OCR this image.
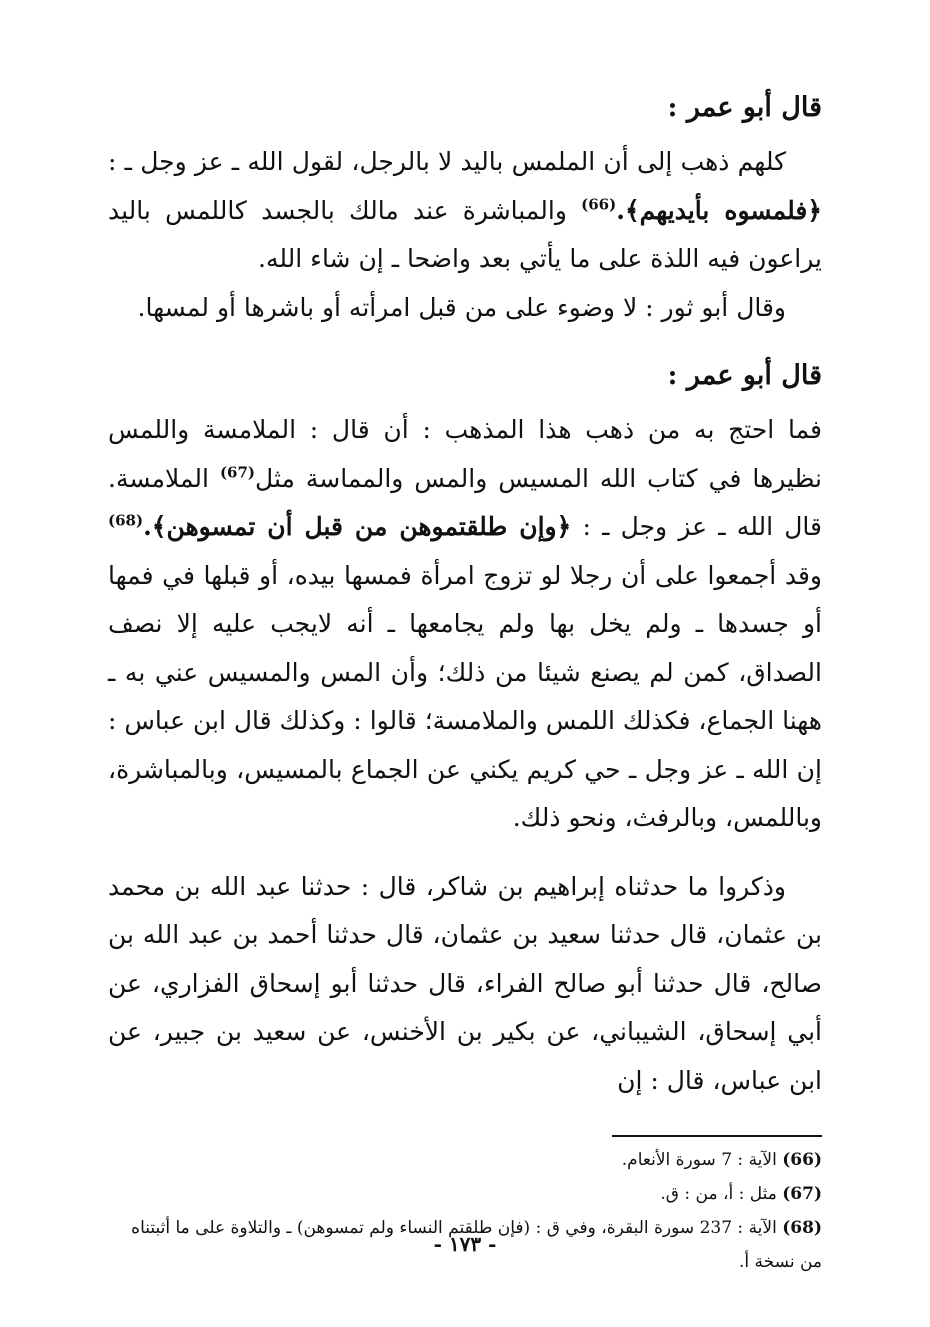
قال أبو عمر :

كلهم ذهب إلى أن الملمس باليد لا بالرجل، لقول الله ـ عز وجل ـ : ﴿فلمسوه بأيديهم﴾.$^{(66)}$ والمباشرة عند مالك بالجسد كاللمس باليد يراعون فيه اللذة على ما يأتي بعد واضحا ـ إن شاء الله.

وقال أبو ثور : لا وضوء على من قبل امرأته أو باشرها أو لمسها.

قال أبو عمر :

فما احتج به من ذهب هذا المذهب : أن قال : الملامسة واللمس نظيرها في كتاب الله المسيس والمس والمماسة مثل$^{(67)}$ الملامسة. قال الله ـ عز وجل ـ : ﴿وإن طلقتموهن من قبل أن تمسوهن﴾.$^{(68)}$ وقد أجمعوا على أن رجلا لو تزوج امرأة فمسها بيده، أو قبلها في فمها أو جسدها ـ ولم يخل بها ولم يجامعها ـ أنه لايجب عليه إلا نصف الصداق، كمن لم يصنع شيئا من ذلك؛ وأن المس والمسيس عني به ـ ههنا الجماع، فكذلك اللمس والملامسة؛ قالوا : وكذلك قال ابن عباس : إن الله ـ عز وجل ـ حي كريم يكني عن الجماع بالمسيس، وبالمباشرة، وباللمس، وبالرفث، ونحو ذلك.

وذكروا ما حدثناه إبراهيم بن شاكر، قال : حدثنا عبد الله بن محمد بن عثمان، قال حدثنا سعيد بن عثمان، قال حدثنا أحمد بن عبد الله بن صالح، قال حدثنا أبو صالح الفراء، قال حدثنا أبو إسحاق الفزاري، عن أبي إسحاق، الشيباني، عن بكير بن الأخنس، عن سعيد بن جبير، عن ابن عباس، قال : إن

(66) الآية : 7 سورة الأنعام.

(67) مثل : أ، من : ق.

(68) الآية : 237 سورة البقرة، وفي ق : (فإن طلقتم النساء ولم تمسوهن) ـ والتلاوة على ما أثبتناه من نسخة أ.

- ١٧٣ -
